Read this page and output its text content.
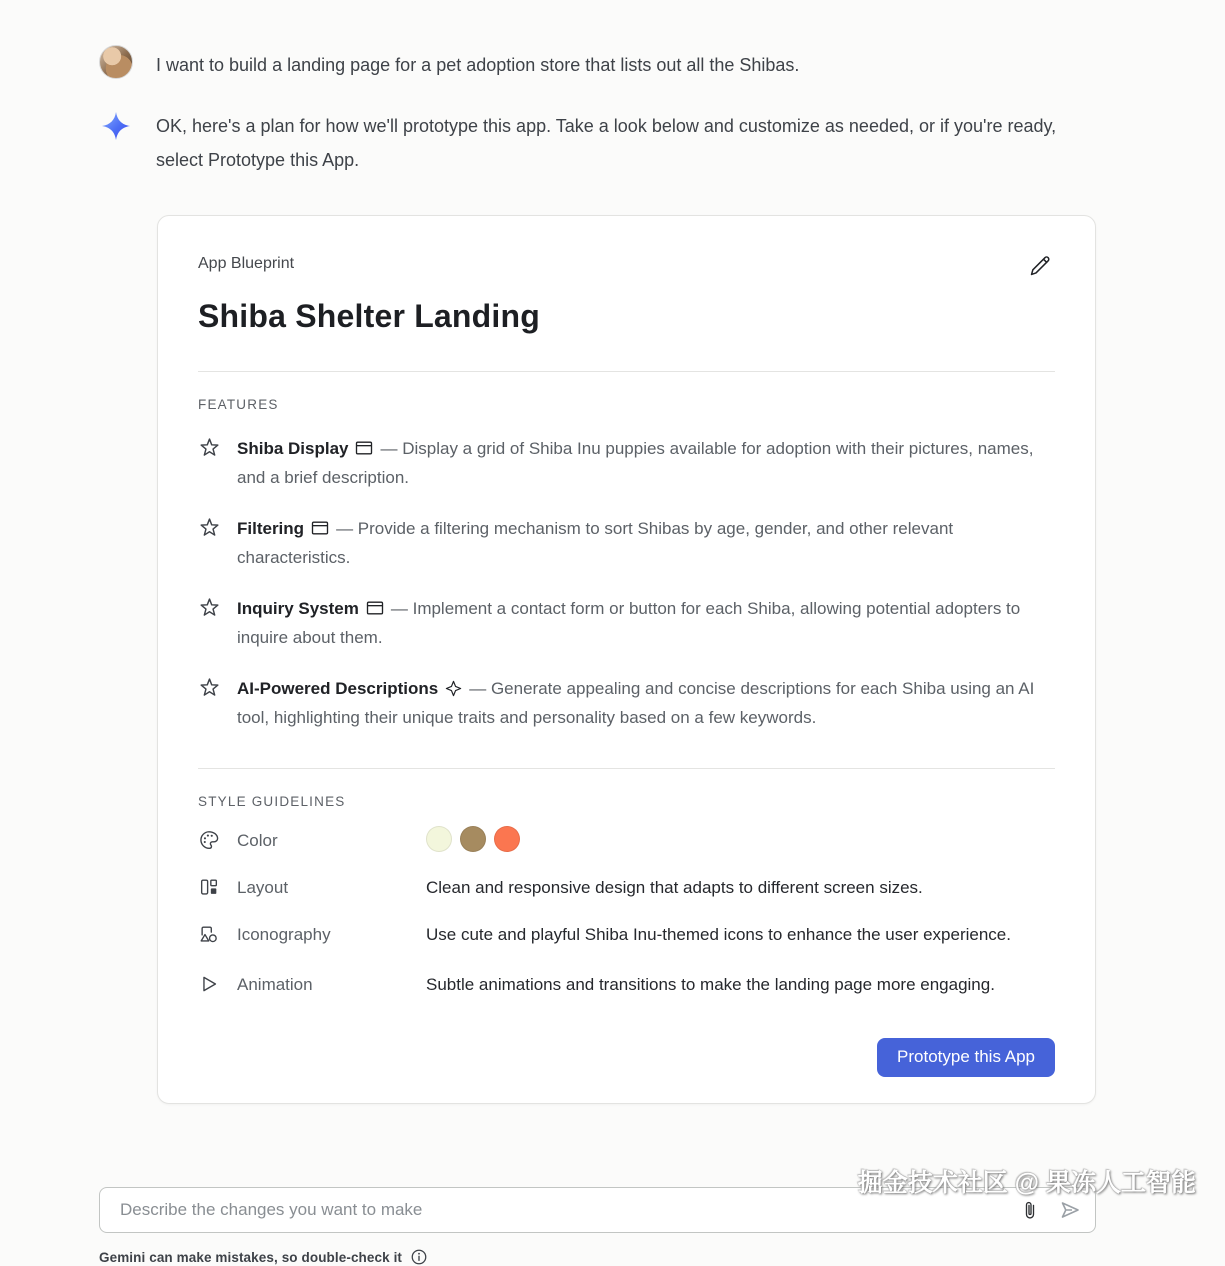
I want to build a landing page for a pet adoption store that lists out all the Shibas.
OK, here's a plan for how we'll prototype this app. Take a look below and customize as needed, or if you're ready, select Prototype this App.
App Blueprint
Shiba Shelter Landing
FEATURES
Shiba Display — Display a grid of Shiba Inu puppies available for adoption with their pictures, names, and a brief description.
Filtering — Provide a filtering mechanism to sort Shibas by age, gender, and other relevant characteristics.
Inquiry System — Implement a contact form or button for each Shiba, allowing potential adopters to inquire about them.
AI-Powered Descriptions — Generate appealing and concise descriptions for each Shiba using an AI tool, highlighting their unique traits and personality based on a few keywords.
STYLE GUIDELINES
Color
Layout	Clean and responsive design that adapts to different screen sizes.
Iconography	Use cute and playful Shiba Inu-themed icons to enhance the user experience.
Animation	Subtle animations and transitions to make the landing page more engaging.
Prototype this App
Describe the changes you want to make
Gemini can make mistakes, so double-check it
掘金技术社区 @ 果冻人工智能
